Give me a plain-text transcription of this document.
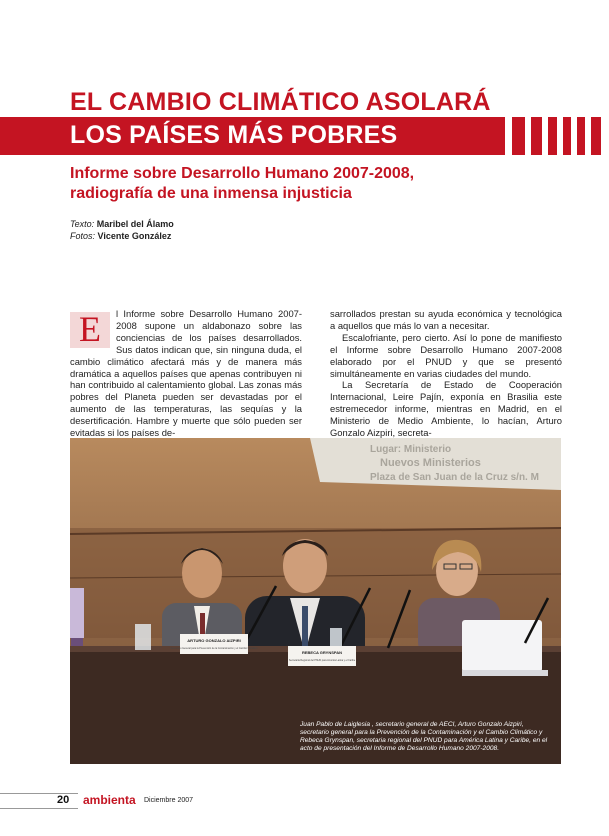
EL CAMBIO CLIMÁTICO ASOLARÁ
LOS PAÍSES MÁS POBRES
Informe sobre Desarrollo Humano 2007-2008, radiografía de una inmensa injusticia
Texto: Maribel del Álamo
Fotos: Vicente González
E	l Informe sobre Desarrollo Humano 2007-2008 supone un aldabonazo sobre las conciencias de los países desarrollados. Sus datos indican que, sin ninguna duda, el cambio climático afectará más y de manera más dramática a aquellos países que apenas contribuyen ni han contribuido al calentamiento global. Las zonas más pobres del Planeta pueden ser devastadas por el aumento de las temperaturas, las sequías y la desertificación. Hambre y muerte que sólo pueden ser evitadas si los países de-

sarrollados prestan su ayuda económica y tecnológica a aquellos que más lo van a necesitar.

Escalofriante, pero cierto. Así lo pone de manifiesto el Informe sobre Desarrollo Humano 2007-2008 elaborado por el PNUD y que se presentó simultáneamente en varias ciudades del mundo.

La Secretaría de Estado de Cooperación Internacional, Leire Pajín, exponía en Brasilia este estremecedor informe, mientras en Madrid, en el Ministerio de Medio Ambiente, lo hacían, Arturo Gonzalo Aizpiri, secreta-

Lugar: Ministerio
Nuevos Ministerios
Plaza de San Juan de la Cruz s/n. M
ARTURO GONZALO AIZPIRI
Secretario General para la Prevención de la Contaminación y el Cambio Climático
REBECA GRYNSPAN
Secretaria Regional del PNUD para América Latina y el Caribe
Juan Pablo de Laiglesia , secretario general de AECI, Arturo Gonzalo Aizpiri, secretario general para la Prevención de la Contaminación y el Cambio Climático y Rebeca Grynspan, secretaria regional del PNUD para América Latina y Caribe, en el acto de presentación del Informe de Desarrollo Humano 2007-2008.
20 ambienta Diciembre 2007
